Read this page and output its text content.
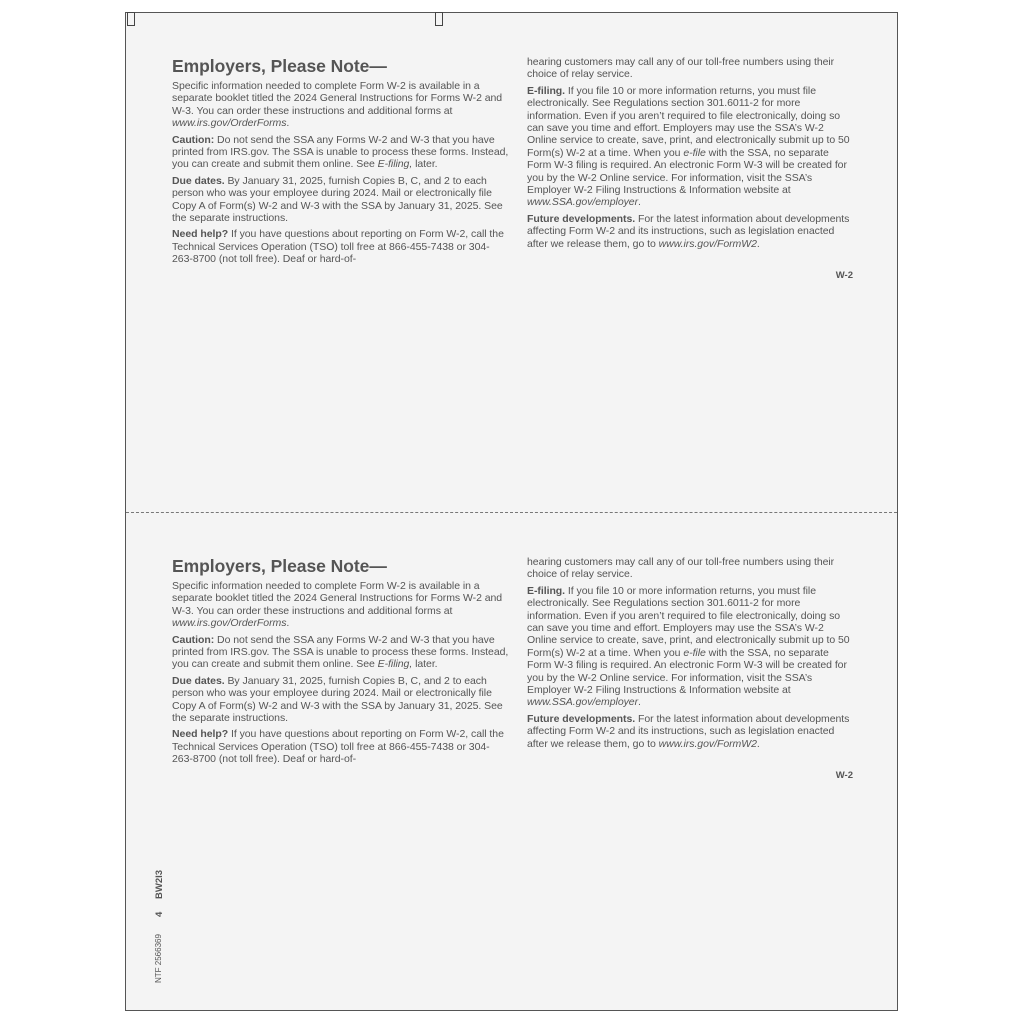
Employers, Please Note—

Specific information needed to complete Form W-2 is available in a separate booklet titled the 2024 General Instructions for Forms W-2 and W-3. You can order these instructions and additional forms at www.irs.gov/OrderForms.

Caution: Do not send the SSA any Forms W-2 and W-3 that you have printed from IRS.gov. The SSA is unable to process these forms. Instead, you can create and submit them online. See E-filing, later.

Due dates. By January 31, 2025, furnish Copies B, C, and 2 to each person who was your employee during 2024. Mail or electronically file Copy A of Form(s) W-2 and W-3 with the SSA by January 31, 2025. See the separate instructions.

Need help? If you have questions about reporting on Form W-2, call the Technical Services Operation (TSO) toll free at 866-455-7438 or 304-263-8700 (not toll free). Deaf or hard-of-

hearing customers may call any of our toll-free numbers using their choice of relay service.

E-filing. If you file 10 or more information returns, you must file electronically. See Regulations section 301.6011-2 for more information. Even if you aren’t required to file electronically, doing so can save you time and effort. Employers may use the SSA’s W-2 Online service to create, save, print, and electronically submit up to 50 Form(s) W-2 at a time. When you e-file with the SSA, no separate Form W-3 filing is required. An electronic Form W-3 will be created for you by the W-2 Online service. For information, visit the SSA’s Employer W-2 Filing Instructions & Information website at www.SSA.gov/employer.

Future developments. For the latest information about developments affecting Form W-2 and its instructions, such as legislation enacted after we release them, go to www.irs.gov/FormW2.

W-2
Employers, Please Note—

Specific information needed to complete Form W-2 is available in a separate booklet titled the 2024 General Instructions for Forms W-2 and W-3. You can order these instructions and additional forms at www.irs.gov/OrderForms.

Caution: Do not send the SSA any Forms W-2 and W-3 that you have printed from IRS.gov. The SSA is unable to process these forms. Instead, you can create and submit them online. See E-filing, later.

Due dates. By January 31, 2025, furnish Copies B, C, and 2 to each person who was your employee during 2024. Mail or electronically file Copy A of Form(s) W-2 and W-3 with the SSA by January 31, 2025. See the separate instructions.

Need help? If you have questions about reporting on Form W-2, call the Technical Services Operation (TSO) toll free at 866-455-7438 or 304-263-8700 (not toll free). Deaf or hard-of-

hearing customers may call any of our toll-free numbers using their choice of relay service.

E-filing. If you file 10 or more information returns, you must file electronically. See Regulations section 301.6011-2 for more information. Even if you aren’t required to file electronically, doing so can save you time and effort. Employers may use the SSA’s W-2 Online service to create, save, print, and electronically submit up to 50 Form(s) W-2 at a time. When you e-file with the SSA, no separate Form W-3 filing is required. An electronic Form W-3 will be created for you by the W-2 Online service. For information, visit the SSA’s Employer W-2 Filing Instructions & Information website at www.SSA.gov/employer.

Future developments. For the latest information about developments affecting Form W-2 and its instructions, such as legislation enacted after we release them, go to www.irs.gov/FormW2.

W-2
NTF 2566369
4
BW2I3
